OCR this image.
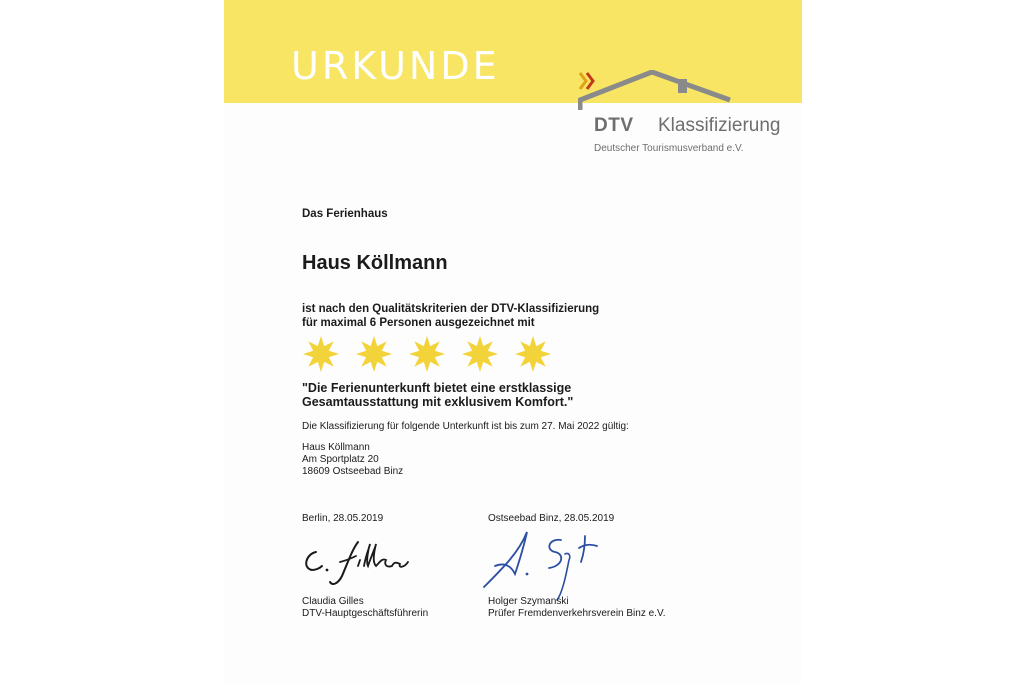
URKUNDE
DTV Klassifizierung
Deutscher Tourismusverband e.V.
Das Ferienhaus
Haus Köllmann
ist nach den Qualitätskriterien der DTV-Klassifizierung
für maximal 6 Personen ausgezeichnet mit
"Die Ferienunterkunft bietet eine erstklassige
Gesamtausstattung mit exklusivem Komfort."
Die Klassifizierung für folgende Unterkunft ist bis zum 27. Mai 2022 gültig:
Haus Köllmann
Am Sportplatz 20
18609 Ostseebad Binz
Berlin, 28.05.2019	Ostseebad Binz, 28.05.2019
Claudia Gilles
DTV-Hauptgeschäftsführerin
Holger Szymanski
Prüfer Fremdenverkehrsverein Binz e.V.
